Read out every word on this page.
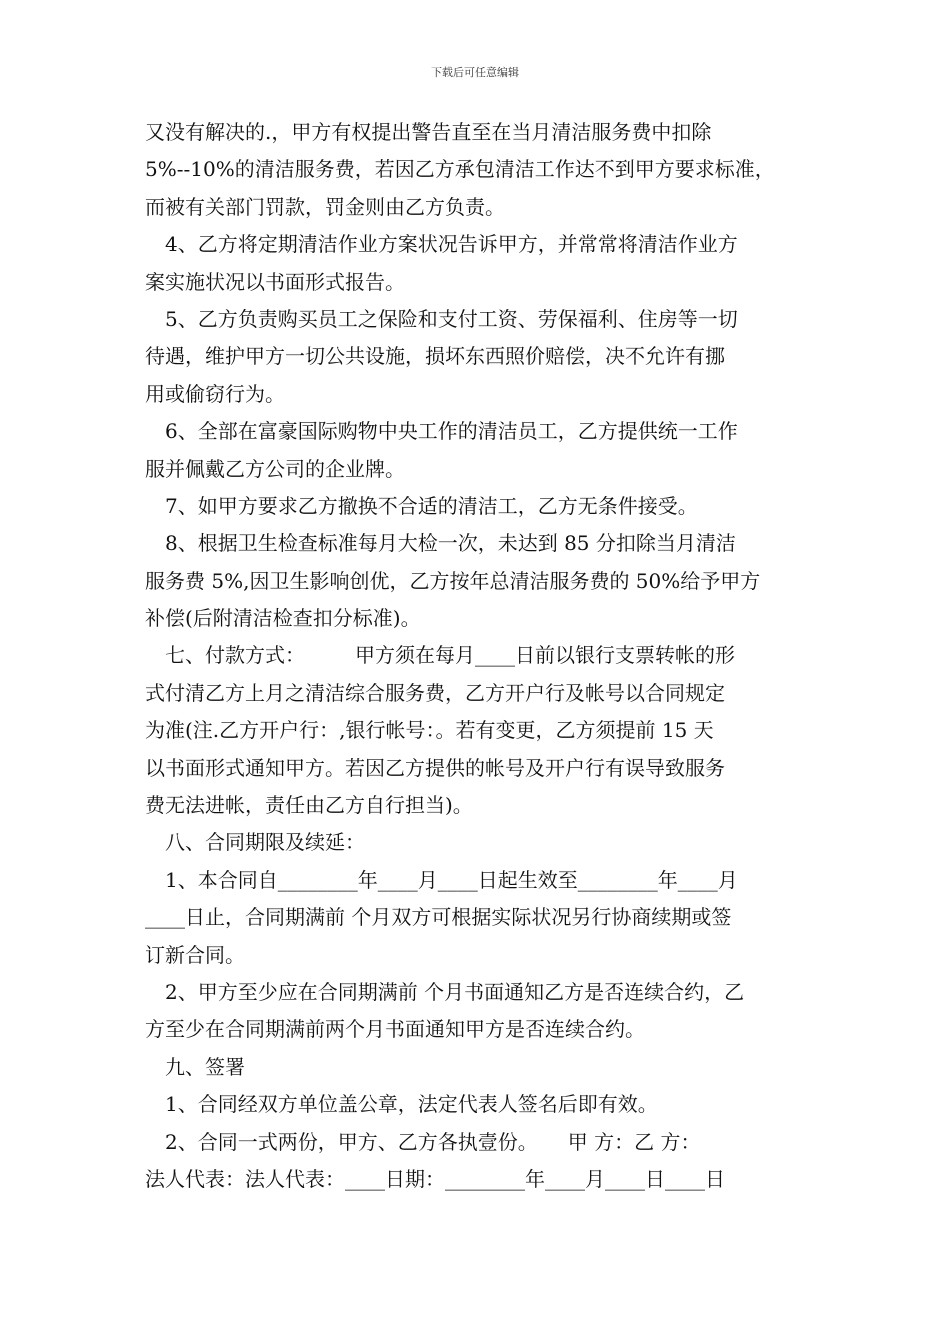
下载后可任意编辑
又没有解决的.，甲方有权提出警告直至在当月清洁服务费中扣除
5%--10%的清洁服务费，若因乙方承包清洁工作达不到甲方要求标准，
而被有关部门罚款，罚金则由乙方负责。
　4、乙方将定期清洁作业方案状况告诉甲方，并常常将清洁作业方
案实施状况以书面形式报告。
　5、乙方负责购买员工之保险和支付工资、劳保福利、住房等一切
待遇，维护甲方一切公共设施，损坏东西照价赔偿，决不允许有挪
用或偷窃行为。
　6、全部在富豪国际购物中央工作的清洁员工，乙方提供统一工作
服并佩戴乙方公司的企业牌。
　7、如甲方要求乙方撤换不合适的清洁工，乙方无条件接受。
　8、根据卫生检查标准每月大检一次，未达到 85 分扣除当月清洁
服务费 5%,因卫生影响创优，乙方按年总清洁服务费的 50%给予甲方
补偿(后附清洁检查扣分标准)。
　七、付款方式：　　　甲方须在每月____日前以银行支票转帐的形
式付清乙方上月之清洁综合服务费，乙方开户行及帐号以合同规定
为准(注.乙方开户行：,银行帐号：。若有变更，乙方须提前 15 天
以书面形式通知甲方。若因乙方提供的帐号及开户行有误导致服务
费无法进帐，责任由乙方自行担当)。
　八、合同期限及续延：
　1、本合同自________年____月____日起生效至________年____月
____日止，合同期满前 个月双方可根据实际状况另行协商续期或签
订新合同。
　2、甲方至少应在合同期满前 个月书面通知乙方是否连续合约，乙
方至少在合同期满前两个月书面通知甲方是否连续合约。
　九、签署
　1、合同经双方单位盖公章，法定代表人签名后即有效。
　2、合同一式两份，甲方、乙方各执壹份。　　甲 方：乙 方：
法人代表：法人代表：____日期：________年____月____日____日
